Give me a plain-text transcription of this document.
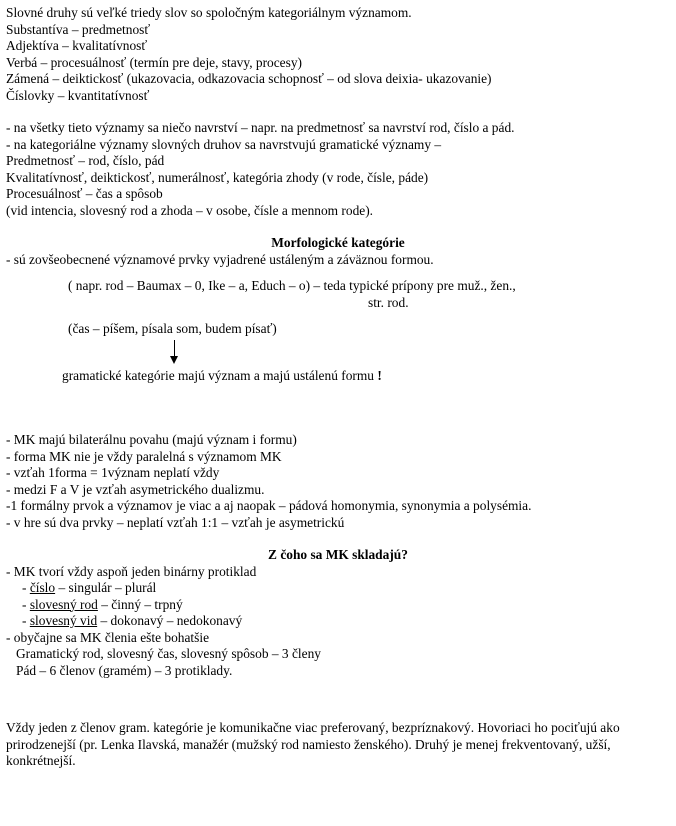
Slovné druhy sú veľké triedy slov so spoločným kategoriálnym významom.
Substantíva – predmetnosť
Adjektíva – kvalitatívnosť
Verbá – procesuálnosť (termín pre deje, stavy, procesy)
Zámená – deiktickosť (ukazovacia, odkazovacia schopnosť – od slova deixia- ukazovanie)
Číslovky – kvantitatívnosť
- na všetky tieto významy sa niečo navrství – napr. na predmetnosť sa navrství rod, číslo a pád.
- na kategoriálne významy slovných druhov sa navrstvujú gramatické významy –
Predmetnosť – rod, číslo, pád
Kvalitatívnosť, deiktickosť, numerálnosť, kategória zhody (v rode, čísle, páde)
Procesuálnosť – čas a spôsob
(vid intencia, slovesný rod a zhoda – v osobe, čísle a mennom rode).
Morfologické kategórie
- sú zovšeobecnené významové prvky vyjadrené ustáleným a záväznou formou.
( napr. rod – Baumax – 0, Ike – a, Educh – o) – teda typické prípony pre muž., žen.,
str. rod.
(čas – píšem, písala som, budem písať)
gramatické kategórie majú význam a majú ustálenú formu !
- MK majú bilaterálnu povahu (majú význam i formu)
- forma MK nie je vždy paralelná s významom MK
- vzťah 1forma = 1význam neplatí vždy
- medzi F a V je vzťah asymetrického dualizmu.
-1 formálny prvok a významov je viac a aj naopak – pádová homonymia, synonymia a polysémia.
- v hre sú dva prvky – neplatí vzťah 1:1 – vzťah je asymetrickú
Z čoho sa MK skladajú?
- MK tvorí vždy aspoň jeden binárny protiklad
- číslo – singulár – plurál
- slovesný rod – činný – trpný
- slovesný vid – dokonavý – nedokonavý
- obyčajne sa MK členia ešte bohatšie
Gramatický rod, slovesný čas, slovesný spôsob – 3 členy
Pád – 6 členov (gramém) – 3 protiklady.
Vždy jeden z členov gram. kategórie je komunikačne viac preferovaný, bezpríznakový. Hovoriaci ho pociťujú ako prirodzenejší (pr. Lenka Ilavská, manažér (mužský rod namiesto ženského). Druhý je menej frekventovaný, užší, konkrétnejší.
